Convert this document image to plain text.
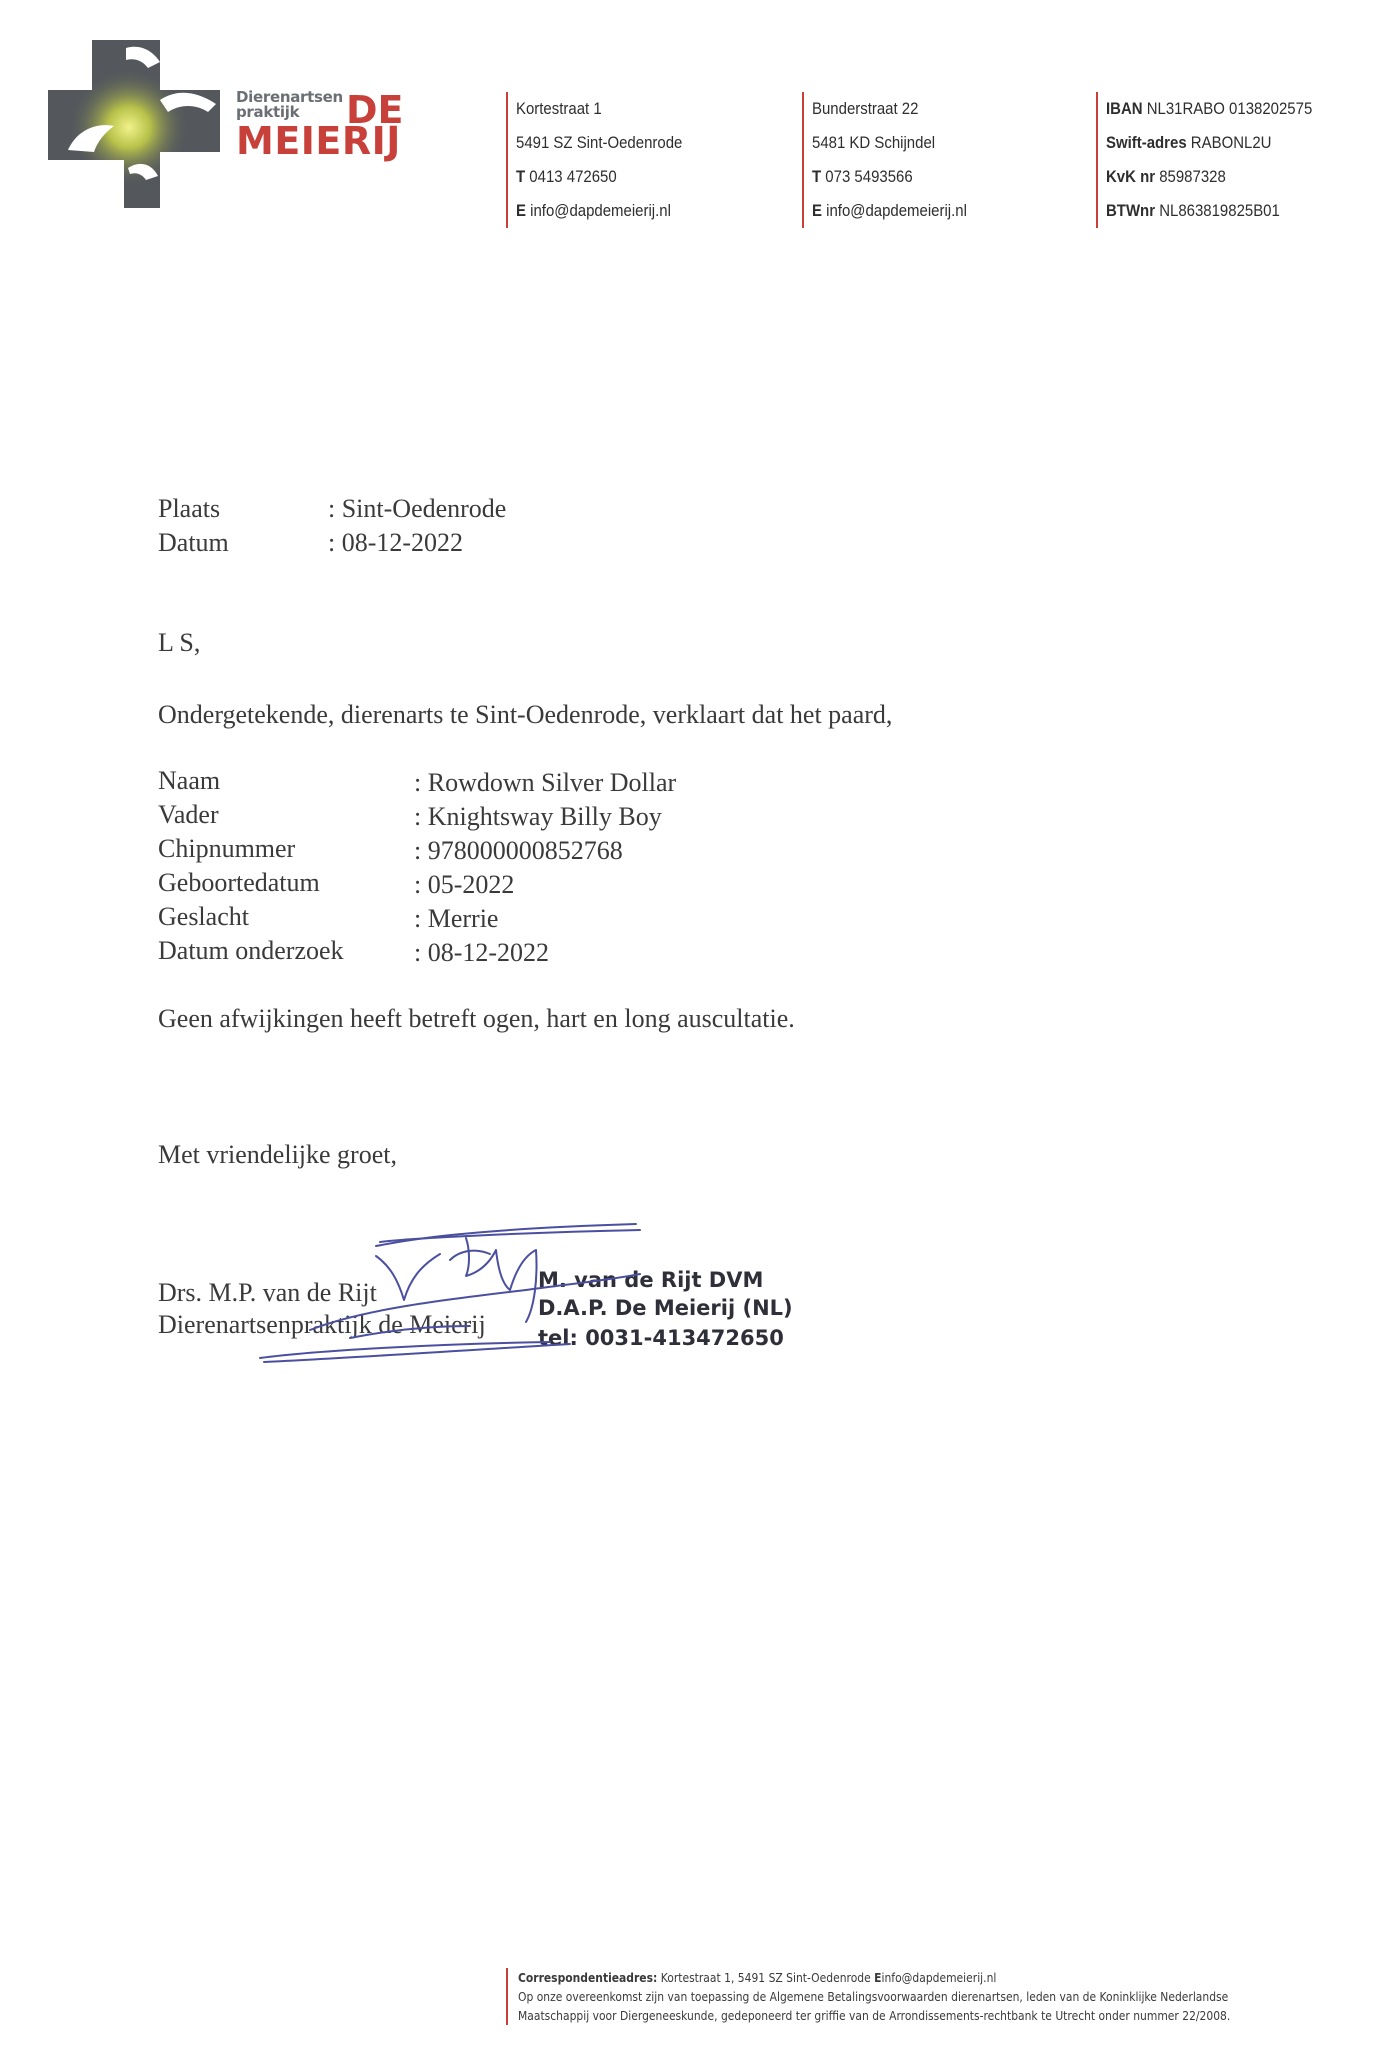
Dierenartsen
praktijk	DE
MEIERIJ
Kortestraat 1
5491 SZ Sint-Oedenrode
T 0413 472650
E info@dapdemeierij.nl
Bunderstraat 22
5481 KD Schijndel
T 073 5493566
E info@dapdemeierij.nl
IBAN NL31RABO 0138202575
Swift-adres RABONL2U
KvK nr 85987328
BTWnr NL863819825B01
Plaats	: Sint-Oedenrode
Datum	: 08-12-2022
L S,
Ondergetekende, dierenarts te Sint-Oedenrode, verklaart dat het paard,
Naam	: Rowdown Silver Dollar
Vader	: Knightsway Billy Boy
Chipnummer	: 978000000852768
Geboortedatum	: 05-2022
Geslacht	: Merrie
Datum onderzoek	: 08-12-2022
Geen afwijkingen heeft betreft ogen, hart en long auscultatie.
Met vriendelijke groet,
Drs. M.P. van de Rijt
Dierenartsenpraktijk de Meierij
M. van de Rijt DVM
D.A.P. De Meierij (NL)
tel: 0031-413472650
Correspondentieadres: Kortestraat 1, 5491 SZ Sint-Oedenrode Einfo@dapdemeierij.nl
Op onze overeenkomst zijn van toepassing de Algemene Betalingsvoorwaarden dierenartsen, leden van de Koninklijke Nederlandse
Maatschappij voor Diergeneeskunde, gedeponeerd ter griffie van de Arrondissements-rechtbank te Utrecht onder nummer 22/2008.
